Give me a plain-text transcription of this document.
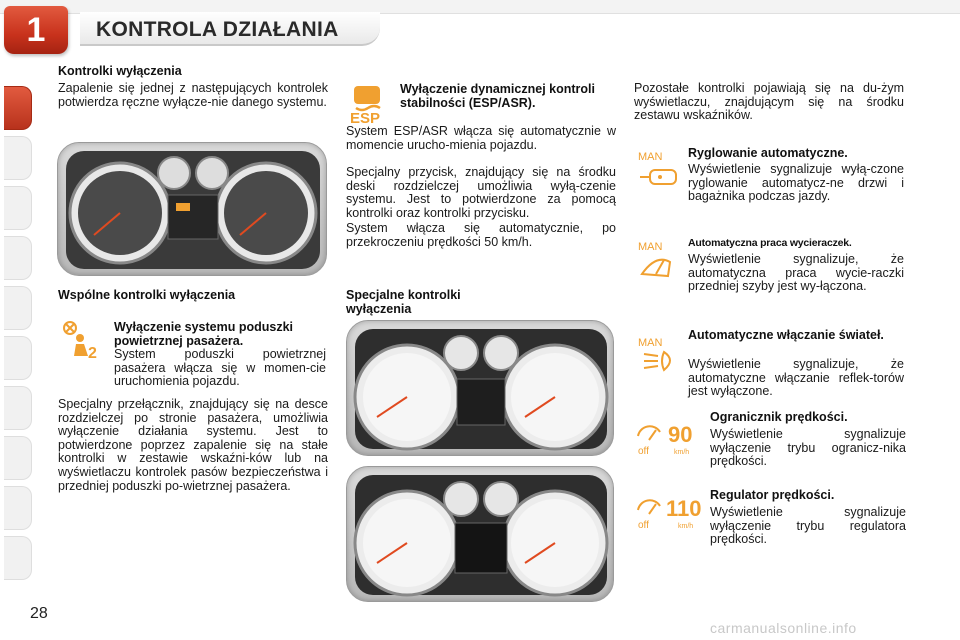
1	KONTROLA DZIAŁANIA
Kontrolki wyłączenia
Zapalenie się jednej z następujących kontrolek potwierdza ręczne wyłącze-nie danego systemu.
Wspólne kontrolki wyłączenia
2
Wyłączenie systemu poduszki powietrznej pasażera.
System poduszki powietrznej pasażera włącza się w momen-cie uruchomienia pojazdu.
Specjalny przełącznik, znajdujący się na desce rozdzielczej po stronie pasażera, umożliwia wyłączenie działania systemu. Jest to potwierdzone poprzez zapalenie się na stałe kontrolki w zestawie wskaźni-ków lub na wyświetlaczu kontrolek pasów bezpieczeństwa i przedniej poduszki po-wietrznej pasażera.
ESP
Wyłączenie dynamicznej kontroli stabilności (ESP/ASR).
System ESP/ASR włącza się automatycznie w momencie urucho-mienia pojazdu.
Specjalny przycisk, znajdujący się na środku deski rozdzielczej umożliwia wyłą-czenie systemu. Jest to potwierdzone za pomocą kontrolki oraz kontrolki przycisku.
System włącza się automatycznie, po przekroczeniu prędkości 50 km/h.
Specjalne kontrolki wyłączenia
Pozostałe kontrolki pojawiają się na du-żym wyświetlaczu, znajdującym się na środku zestawu wskaźników.
MAN Ryglowanie automatyczne.
Wyświetlenie sygnalizuje wyłą-czone ryglowanie automatycz-ne drzwi i bagażnika podczas jazdy.
MAN Automatyczna praca wycieraczek.
Wyświetlenie sygnalizuje, że automatyczna praca wycie-raczki przedniej szyby jest wy-łączona.
MAN
Automatyczne włączanie świateł.
Wyświetlenie sygnalizuje, że automatyczne włączanie reflek-torów jest wyłączone.
off
90
km/h
Ogranicznik prędkości.
Wyświetlenie sygnalizuje wyłączenie trybu ogranicz-nika prędkości.
off
110
km/h
Regulator prędkości.
Wyświetlenie sygnalizuje wyłączenie trybu regulatora prędkości.
28
carmanualsonline.info
